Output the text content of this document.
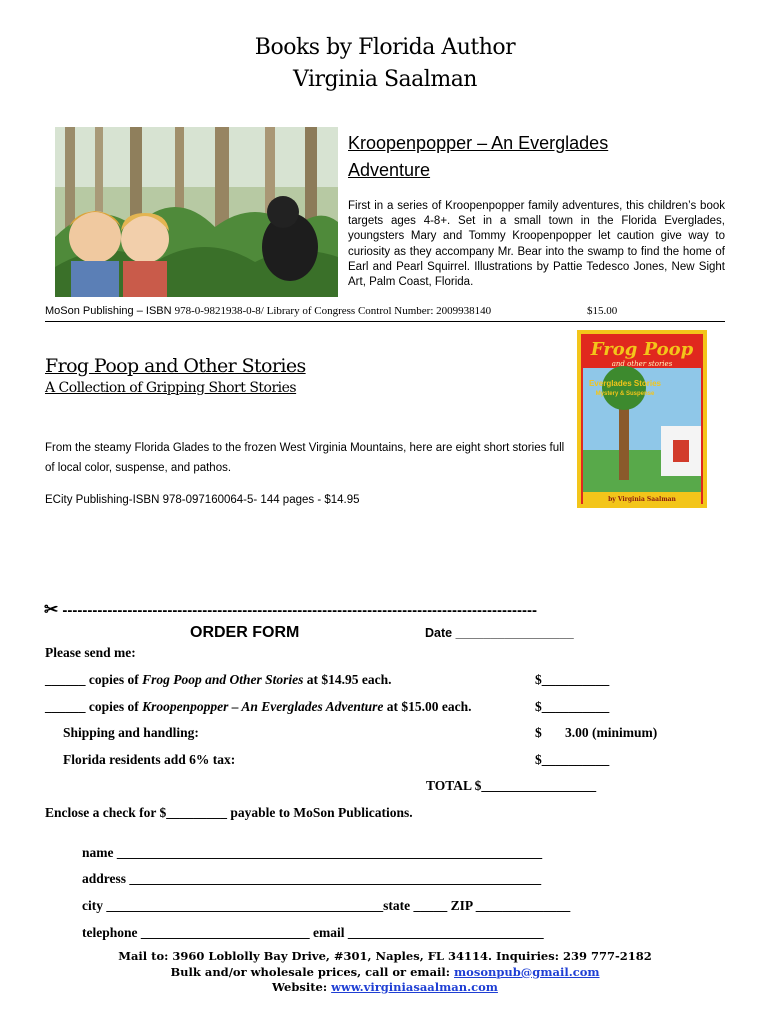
Books by Florida Author
Virginia Saalman
Kroopenpopper – An Everglades
Adventure
First in a series of Kroopenpopper family adventures, this children’s book targets ages 4-8+. Set in a small town in the Florida Everglades, youngsters Mary and Tommy Kroopenpopper let caution give way to curiosity as they accompany Mr. Bear into the swamp to find the home of Earl and Pearl Squirrel. Illustrations by Pattie Tedesco Jones, New Sight Art, Palm Coast, Florida.
MoSon Publishing – ISBN 978-0-9821938-0-8/ Library of Congress Control Number: 2009938140	$15.00
Frog Poop and Other Stories
A Collection of Gripping Short Stories
From the steamy Florida Glades to the frozen West Virginia Mountains, here are eight short stories full of local color, suspense, and pathos.
ECity Publishing-ISBN 978-097160064-5- 144 pages - $14.95
Frog Poop
and other stories
Everglades Stories
Mystery & Suspense
by Virginia Saalman
✂ -----------------------------------------------------------------------------------------------
ORDER FORM	Date _________________
Please send me:
______ copies of Frog Poop and Other Stories at $14.95 each.	$__________
______ copies of Kroopenpopper – An Everglades Adventure at $15.00 each.	$__________
Shipping and handling:	$ 3.00 (minimum)
Florida residents add 6% tax:	$__________
TOTAL $_________________
Enclose a check for $_________ payable to MoSon Publications.
name _______________________________________________________________
address _____________________________________________________________
city _________________________________________state _____ ZIP ______________
telephone _________________________ email _____________________________
Mail to: 3960 Loblolly Bay Drive, #301, Naples, FL 34114. Inquiries: 239 777-2182
Bulk and/or wholesale prices, call or email: mosonpub@gmail.com
Website: www.virginiasaalman.com
